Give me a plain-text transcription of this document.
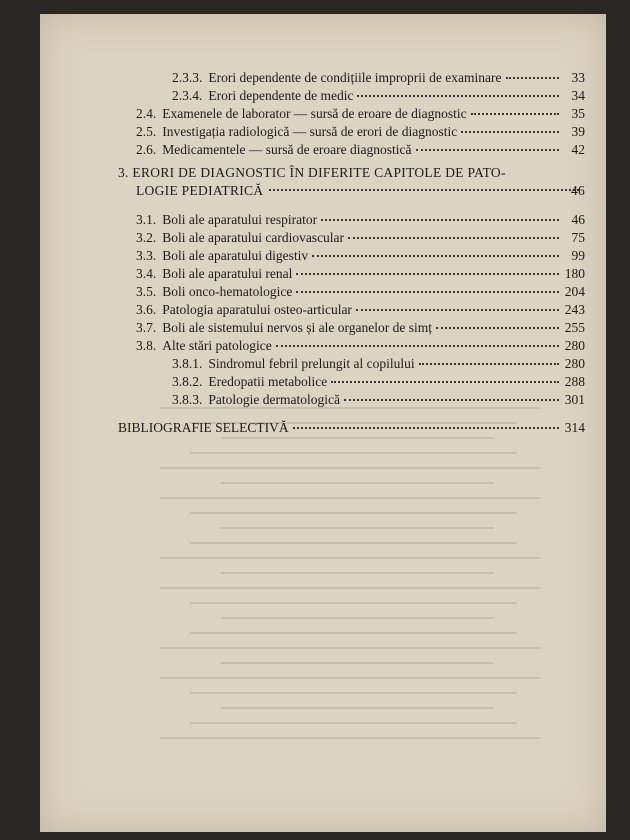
2.3.3. Erori dependente de condițiile improprii de examinare	33
2.3.4. Erori dependente de medic	34
2.4. Examenele de laborator — sursă de eroare de diagnostic	35
2.5. Investigația radiologică — sursă de erori de diagnostic	39
2.6. Medicamentele — sursă de eroare diagnostică	42
3. ERORI DE DIAGNOSTIC ÎN DIFERITE CAPITOLE DE PATO-
LOGIE PEDIATRICĂ	46
3.1. Boli ale aparatului respirator	46
3.2. Boli ale aparatului cardiovascular	75
3.3. Boli ale aparatului digestiv	99
3.4. Boli ale aparatului renal	180
3.5. Boli onco-hematologice	204
3.6. Patologia aparatului osteo-articular	243
3.7. Boli ale sistemului nervos și ale organelor de simț	255
3.8. Alte stări patologice	280
3.8.1. Sindromul febril prelungit al copilului	280
3.8.2. Eredopatii metabolice	288
3.8.3. Patologie dermatologică	301
BIBLIOGRAFIE SELECTIVĂ	314
